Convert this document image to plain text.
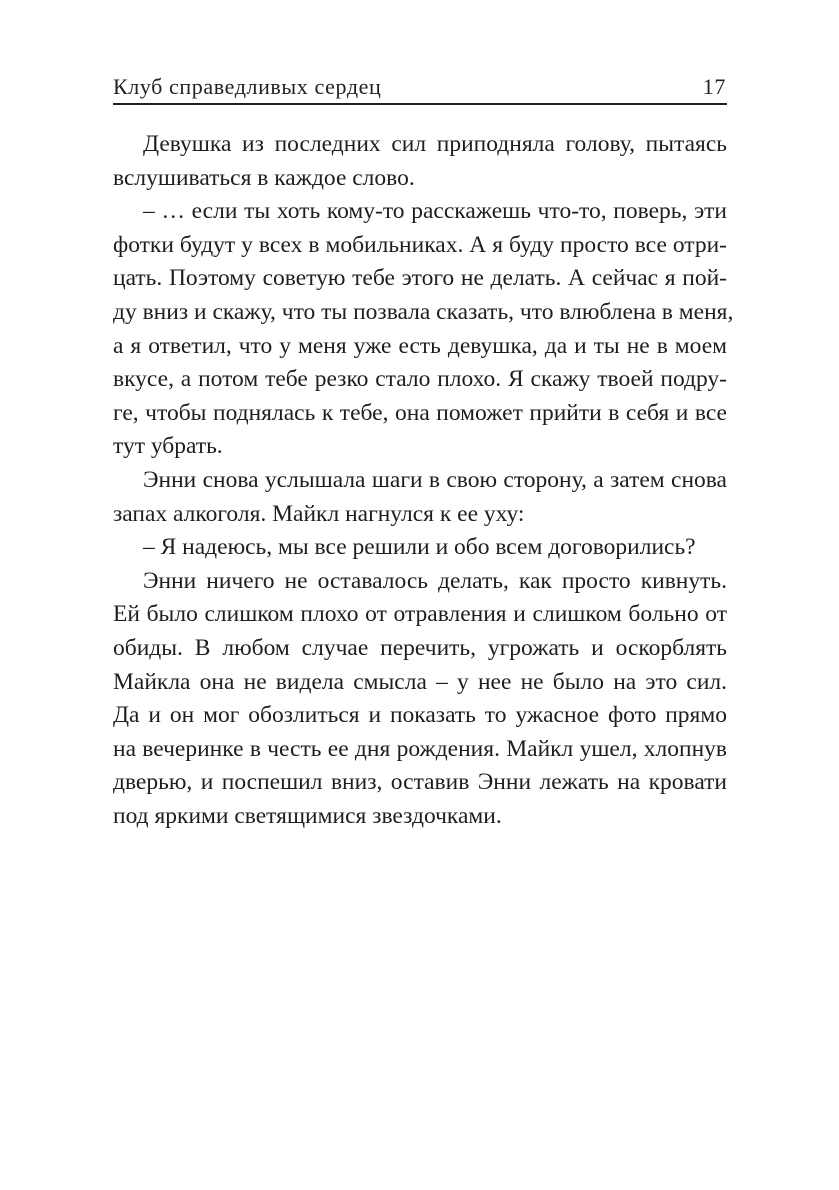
Клуб справедливых сердец	17
Девушка из последних сил приподняла голову, пытаясь
вслушиваться в каждое слово.
– … если ты хоть кому-то расскажешь что-то, поверь, эти
фотки будут у всех в мобильниках. А я буду просто все отри-
цать. Поэтому советую тебе этого не делать. А сейчас я пой-
ду вниз и скажу, что ты позвала сказать, что влюблена в меня,
а я ответил, что у меня уже есть девушка, да и ты не в моем
вкусе, а потом тебе резко стало плохо. Я скажу твоей подру-
ге, чтобы поднялась к тебе, она поможет прийти в себя и все
тут убрать.
Энни снова услышала шаги в свою сторону, а затем снова
запах алкоголя. Майкл нагнулся к ее уху:
– Я надеюсь, мы все решили и обо всем договорились?
Энни ничего не оставалось делать, как просто кивнуть.
Ей было слишком плохо от отравления и слишком больно от
обиды. В любом случае перечить, угрожать и оскорблять
Майкла она не видела смысла – у нее не было на это сил.
Да и он мог обозлиться и показать то ужасное фото прямо
на вечеринке в честь ее дня рождения. Майкл ушел, хлопнув
дверью, и поспешил вниз, оставив Энни лежать на кровати
под яркими светящимися звездочками.
